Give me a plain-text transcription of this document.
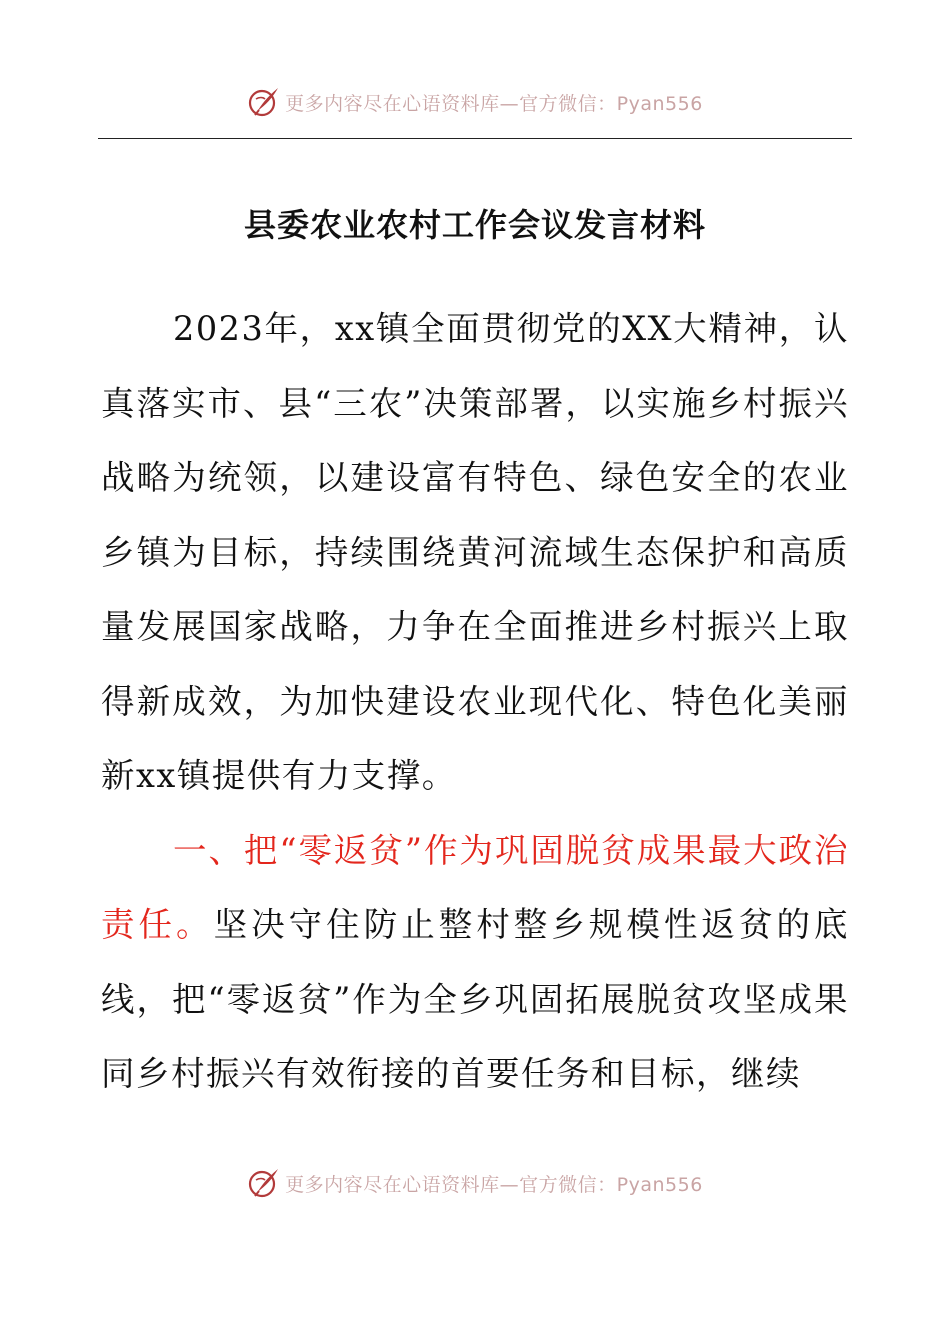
更多内容尽在心语资料库—官方微信：Pyan556
县委农业农村工作会议发言材料

2023年，xx镇全面贯彻党的XX大精神，认真落实市、县“三农”决策部署，以实施乡村振兴战略为统领，以建设富有特色、绿色安全的农业乡镇为目标，持续围绕黄河流域生态保护和高质量发展国家战略，力争在全面推进乡村振兴上取得新成效，为加快建设农业现代化、特色化美丽新xx镇提供有力支撑。

一、把“零返贫”作为巩固脱贫成果最大政治责任。坚决守住防止整村整乡规模性返贫的底线，把“零返贫”作为全乡巩固拓展脱贫攻坚成果同乡村振兴有效衔接的首要任务和目标，继续

更多内容尽在心语资料库—官方微信：Pyan556
